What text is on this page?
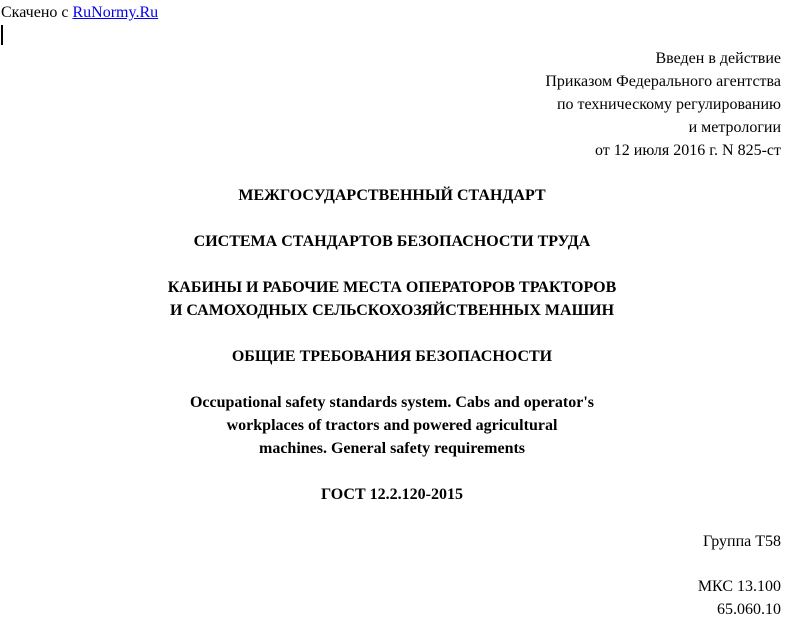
Скачено с RuNormy.Ru
Введен в действие
Приказом Федерального агентства
по техническому регулированию
и метрологии
от 12 июля 2016 г. N 825-ст
МЕЖГОСУДАРСТВЕННЫЙ СТАНДАРТ
СИСТЕМА СТАНДАРТОВ БЕЗОПАСНОСТИ ТРУДА
КАБИНЫ И РАБОЧИЕ МЕСТА ОПЕРАТОРОВ ТРАКТОРОВ
И САМОХОДНЫХ СЕЛЬСКОХОЗЯЙСТВЕННЫХ МАШИН
ОБЩИЕ ТРЕБОВАНИЯ БЕЗОПАСНОСТИ
Occupational safety standards system. Cabs and operator's
workplaces of tractors and powered agricultural
machines. General safety requirements
ГОСТ 12.2.120-2015
Группа Т58
МКС 13.100
65.060.10
